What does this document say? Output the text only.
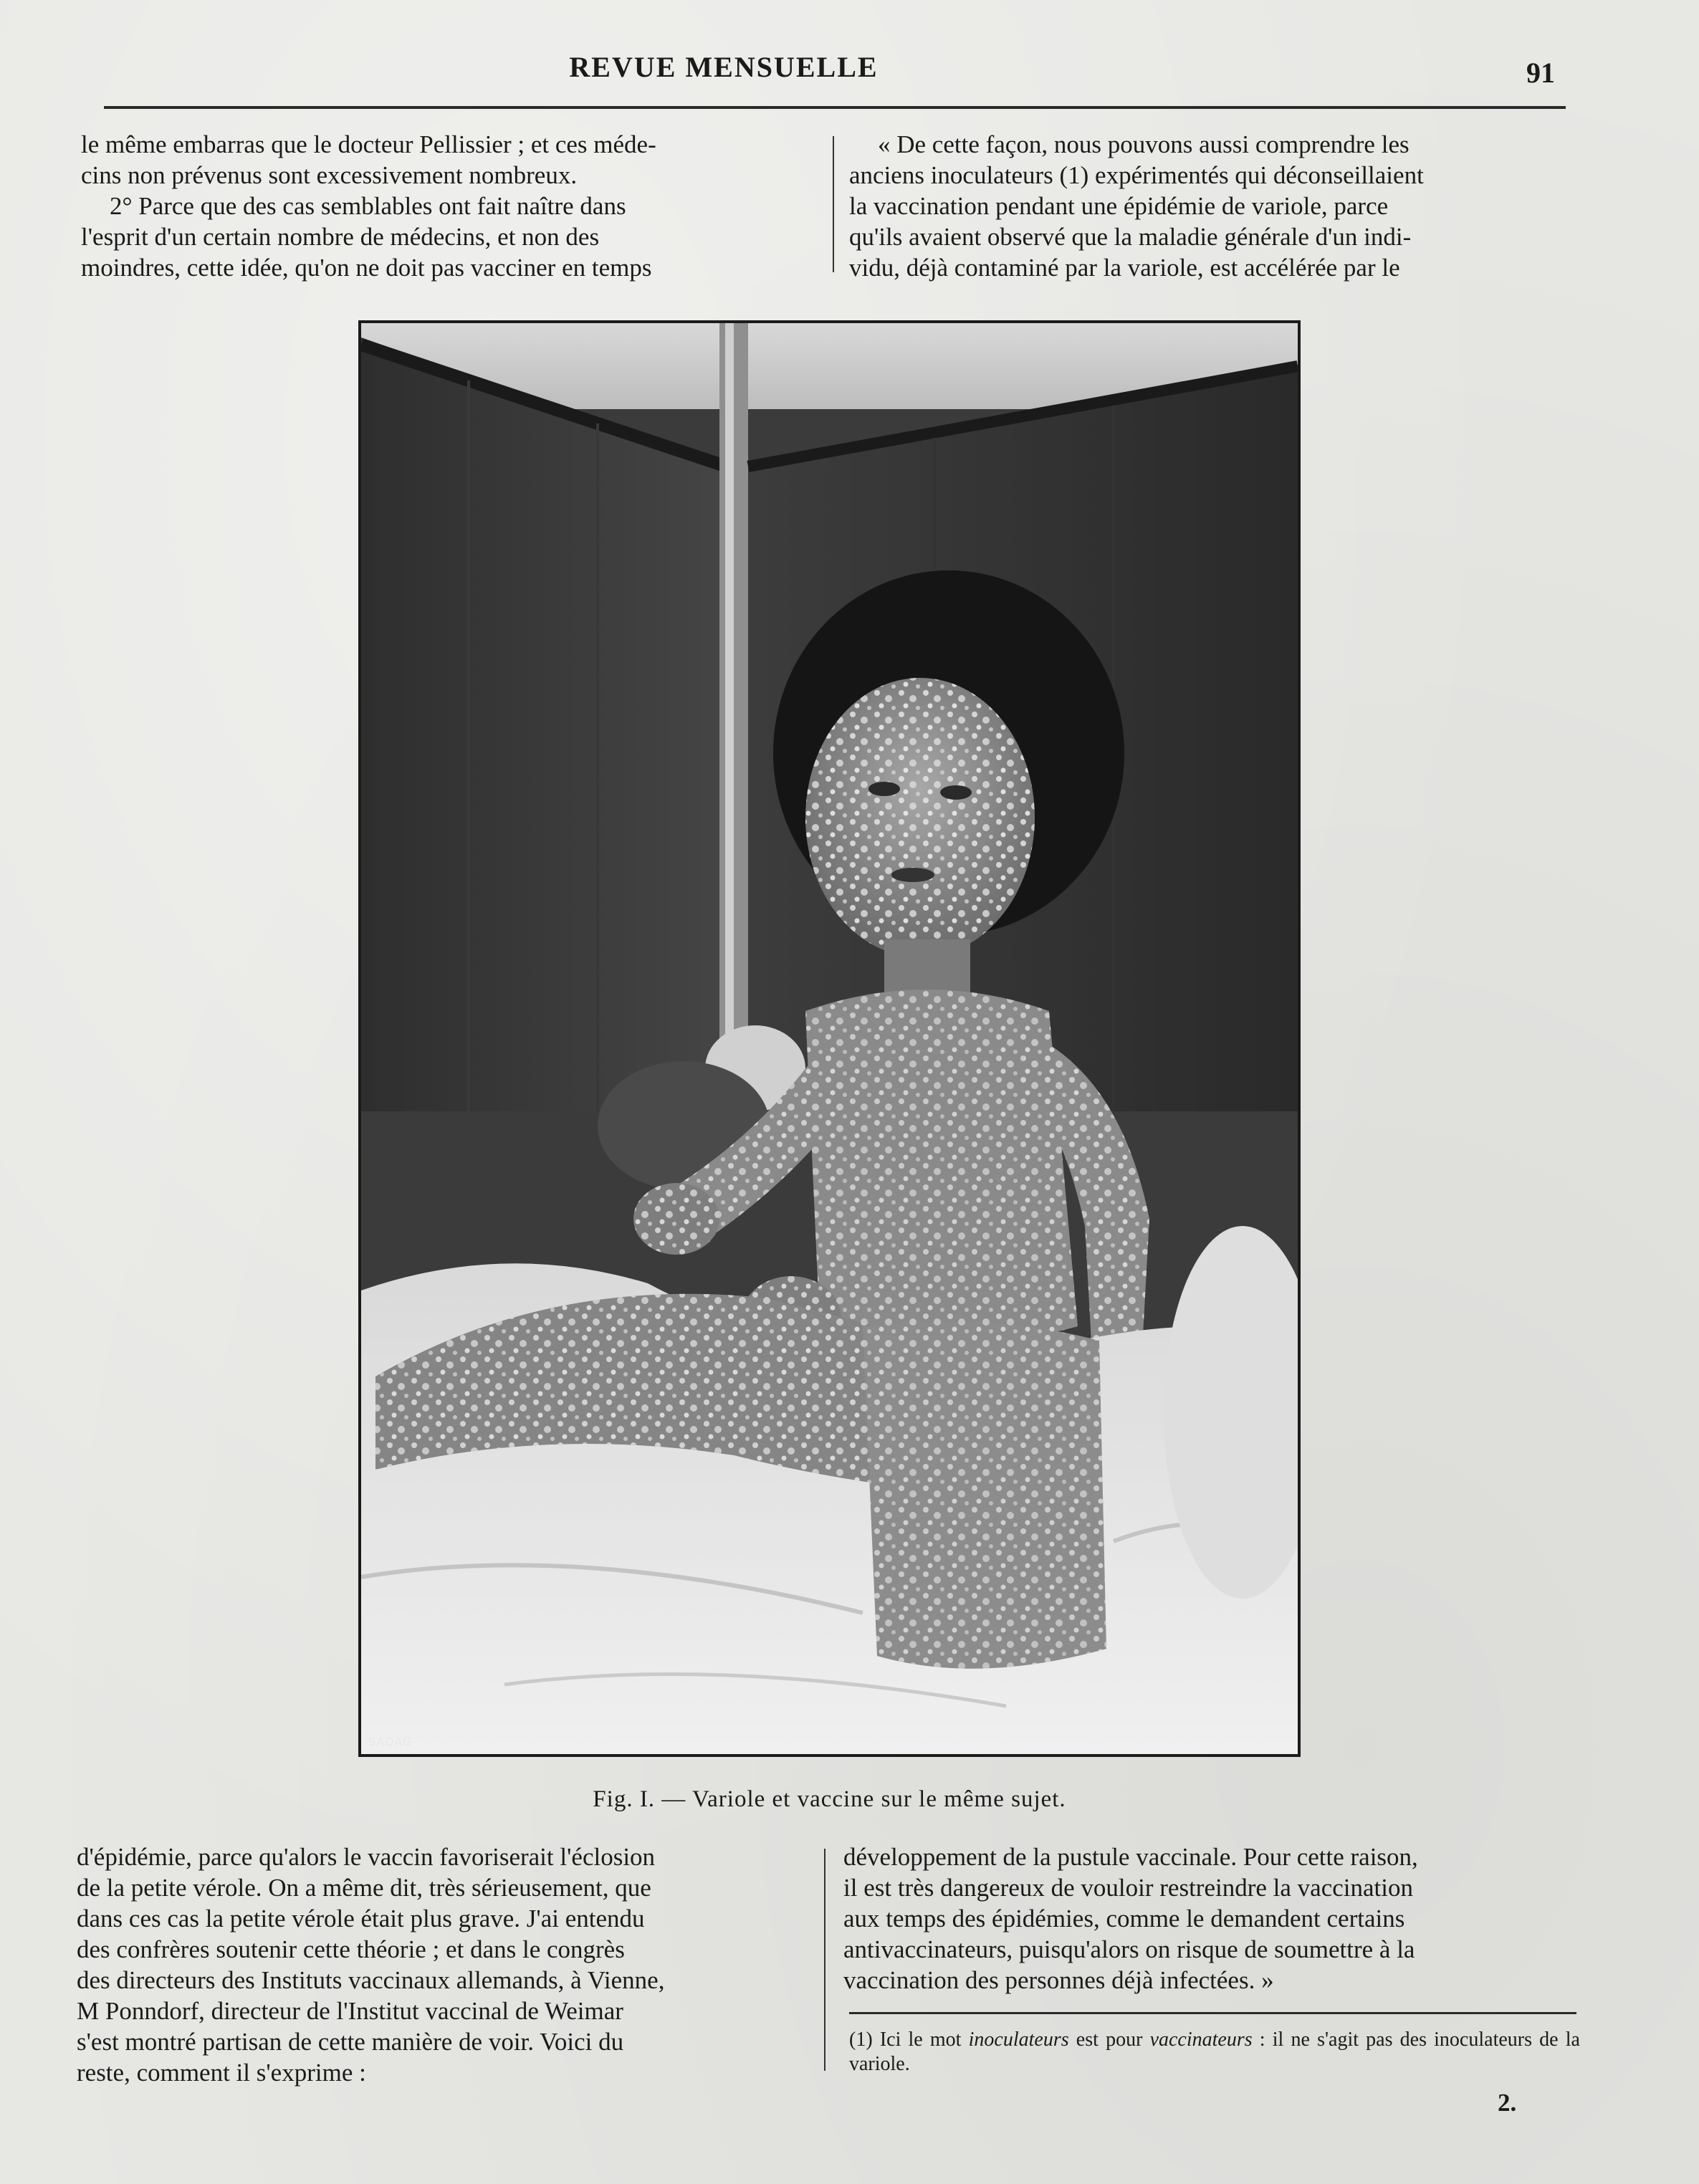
REVUE MENSUELLE	91

le même embarras que le docteur Pellissier ; et ces méde-

cins non prévenus sont excessivement nombreux.

2° Parce que des cas semblables ont fait naître dans

l'esprit d'un certain nombre de médecins, et non des

moindres, cette idée, qu'on ne doit pas vacciner en temps

« De cette façon, nous pouvons aussi comprendre les

anciens inoculateurs (1) expérimentés qui déconseillaient

la vaccination pendant une épidémie de variole, parce

qu'ils avaient observé que la maladie générale d'un indi-

vidu, déjà contaminé par la variole, est accélérée par le

SADAG
Fig. I. — Variole et vaccine sur le même sujet.

d'épidémie, parce qu'alors le vaccin favoriserait l'éclosion

de la petite vérole. On a même dit, très sérieusement, que

dans ces cas la petite vérole était plus grave. J'ai entendu

des confrères soutenir cette théorie ; et dans le congrès

des directeurs des Instituts vaccinaux allemands, à Vienne,

M Ponndorf, directeur de l'Institut vaccinal de Weimar

s'est montré partisan de cette manière de voir. Voici du

reste, comment il s'exprime :

développement de la pustule vaccinale. Pour cette raison,

il est très dangereux de vouloir restreindre la vaccination

aux temps des épidémies, comme le demandent certains

antivaccinateurs, puisqu'alors on risque de soumettre à la

vaccination des personnes déjà infectées. »

(1) Ici le mot inoculateurs est pour vaccinateurs : il ne s'agit pas des inoculateurs de la variole.
2.
